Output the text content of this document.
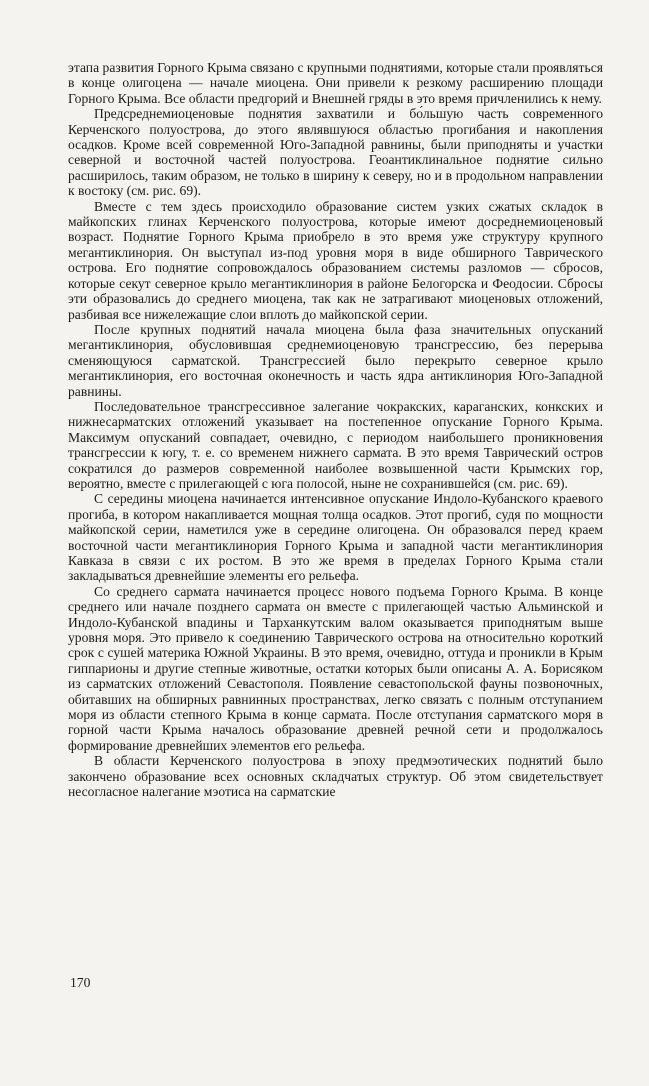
этапа развития Горного Крыма связано с крупными поднятиями, которые стали проявляться в конце олигоцена — начале миоцена. Они привели к резкому расширению площади Горного Крыма. Все области предгорий и Внешней гряды в это время причленились к нему.

Предсреднемиоценовые поднятия захватили и бо́льшую часть современного Керченского полуострова, до этого являвшуюся областью прогибания и накопления осадков. Кроме всей современной Юго-Западной равнины, были приподняты и участки северной и восточной частей полуострова. Геоантиклинальное поднятие сильно расширилось, таким образом, не только в ширину к северу, но и в продольном направлении к востоку (см. рис. 69).

Вместе с тем здесь происходило образование систем узких сжатых складок в майкопских глинах Керченского полуострова, которые имеют досреднемиоценовый возраст. Поднятие Горного Крыма приобрело в это время уже структуру крупного мегантиклинория. Он выступал из-под уровня моря в виде обширного Таврического острова. Его поднятие сопровождалось образованием системы разломов — сбросов, которые секут северное крыло мегантиклинория в районе Белогорска и Феодосии. Сбросы эти образовались до среднего миоцена, так как не затрагивают миоценовых отложений, разбивая все нижележащие слои вплоть до майкопской серии.

После крупных поднятий начала миоцена была фаза значительных опусканий мегантиклинория, обусловившая среднемиоценовую трансгрессию, без перерыва сменяющуюся сарматской. Трансгрессией было перекрыто северное крыло мегантиклинория, его восточная оконечность и часть ядра антиклинория Юго-Западной равнины.

Последовательное трансгрессивное залегание чокракских, караганских, конкских и нижнесарматских отложений указывает на постепенное опускание Горного Крыма. Максимум опусканий совпадает, очевидно, с периодом наибольшего проникновения трансгрессии к югу, т. е. со временем нижнего сармата. В это время Таврический остров сократился до размеров современной наиболее возвышенной части Крымских гор, вероятно, вместе с прилегающей с юга полосой, ныне не сохранившейся (см. рис. 69).

С середины миоцена начинается интенсивное опускание Индоло-Кубанского краевого прогиба, в котором накапливается мощная толща осадков. Этот прогиб, судя по мощности майкопской серии, наметился уже в середине олигоцена. Он образовался перед краем восточной части мегантиклинория Горного Крыма и западной части мегантиклинория Кавказа в связи с их ростом. В это же время в пределах Горного Крыма стали закладываться древнейшие элементы его рельефа.

Со среднего сармата начинается процесс нового подъема Горного Крыма. В конце среднего или начале позднего сармата он вместе с прилегающей частью Альминской и Индоло-Кубанской впадины и Тарханкутским валом оказывается приподнятым выше уровня моря. Это привело к соединению Таврического острова на относительно короткий срок с сушей материка Южной Украины. В это время, очевидно, оттуда и проникли в Крым гиппарионы и другие степные животные, остатки которых были описаны А. А. Борисяком из сарматских отложений Севастополя. Появление севастопольской фауны позвоночных, обитавших на обширных равнинных пространствах, легко связать с полным отступанием моря из области степного Крыма в конце сармата. После отступания сарматского моря в горной части Крыма началось образование древней речной сети и продолжалось формирование древнейших элементов его рельефа.

В области Керченского полуострова в эпоху предмэотических поднятий было закончено образование всех основных складчатых структур. Об этом свидетельствует несогласное налегание мэотиса на сарматские

170
